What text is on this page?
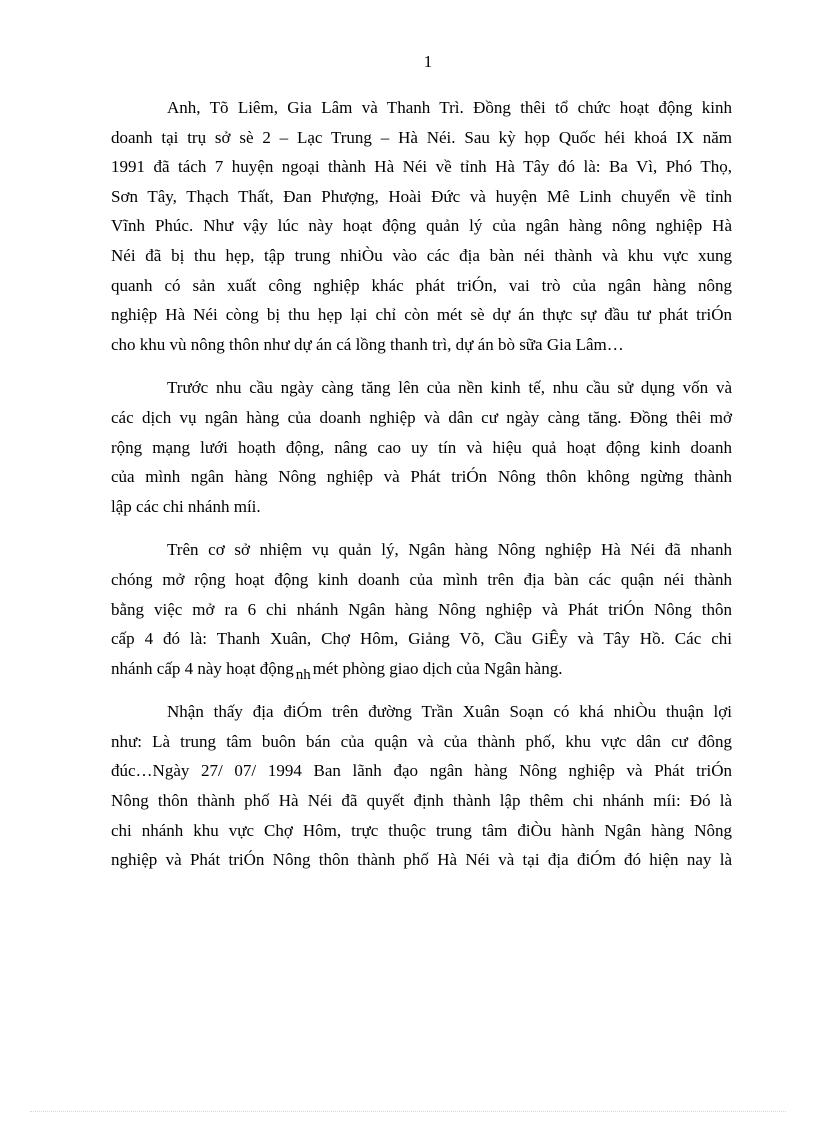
1
Anh, Tõ Liêm, Gia Lâm và Thanh Trì. Đồng thêi tổ chức hoạt động kinh
doanh tại trụ sở sè 2 – Lạc Trung – Hà Néi. Sau kỳ họp Quốc héi khoá IX năm
1991 đã tách 7 huyện ngoại thành Hà Néi về tỉnh Hà Tây đó là: Ba Vì, Phó Thọ,
Sơn Tây, Thạch Thất, Đan Phượng, Hoài Đức và huyện Mê Linh chuyển về tỉnh
Vĩnh Phúc. Như vậy lúc này hoạt động quản lý của ngân hàng nông nghiệp Hà
Néi đã bị thu hẹp, tập trung nhiÒu vào các địa bàn néi thành và khu vực xung
quanh có sản xuất công nghiệp khác phát triÓn, vai trò của ngân hàng nông
nghiệp Hà Néi còng bị thu hẹp lại chỉ còn mét sè dự án thực sự đầu tư phát triÓn
cho khu vù nông thôn như dự án cá lồng thanh trì, dự án bò sữa Gia Lâm…
Trước nhu cầu ngày càng tăng lên của nền kinh tế, nhu cầu sử dụng vốn và
các dịch vụ ngân hàng của doanh nghiệp và dân cư ngày càng tăng. Đồng thêi mở
rộng mạng lưới hoạth động, nâng cao uy tín và hiệu quả hoạt động kinh doanh
của mình ngân hàng Nông nghiệp và Phát triÓn Nông thôn không ngừng thành
lập các chi nhánh míi.
Trên cơ sở nhiệm vụ quản lý, Ngân hàng Nông nghiệp Hà Néi đã nhanh
chóng mở rộng hoạt động kinh doanh của mình trên địa bàn các quận néi thành
bằng việc mở ra 6 chi nhánh Ngân hàng Nông nghiệp và Phát triÓn Nông thôn
cấp 4 đó là: Thanh Xuân, Chợ Hôm, Giảng Võ, Cầu GiÊy và Tây Hồ. Các chi
nhánh cấp 4 này hoạt động nh mét phòng giao dịch của Ngân hàng.
Nhận thấy địa điÓm trên đường Trần Xuân Soạn có khá nhiÒu thuận lợi
như: Là trung tâm buôn bán của quận và của thành phố, khu vực dân cư đông
đúc…Ngày 27/ 07/ 1994 Ban lãnh đạo ngân hàng Nông nghiệp và Phát triÓn
Nông thôn thành phố Hà Néi đã quyết định thành lập thêm chi nhánh míi: Đó là
chi nhánh khu vực Chợ Hôm, trực thuộc trung tâm điÒu hành Ngân hàng Nông
nghiệp và Phát triÓn Nông thôn thành phố Hà Néi và tại địa điÓm đó hiện nay là
